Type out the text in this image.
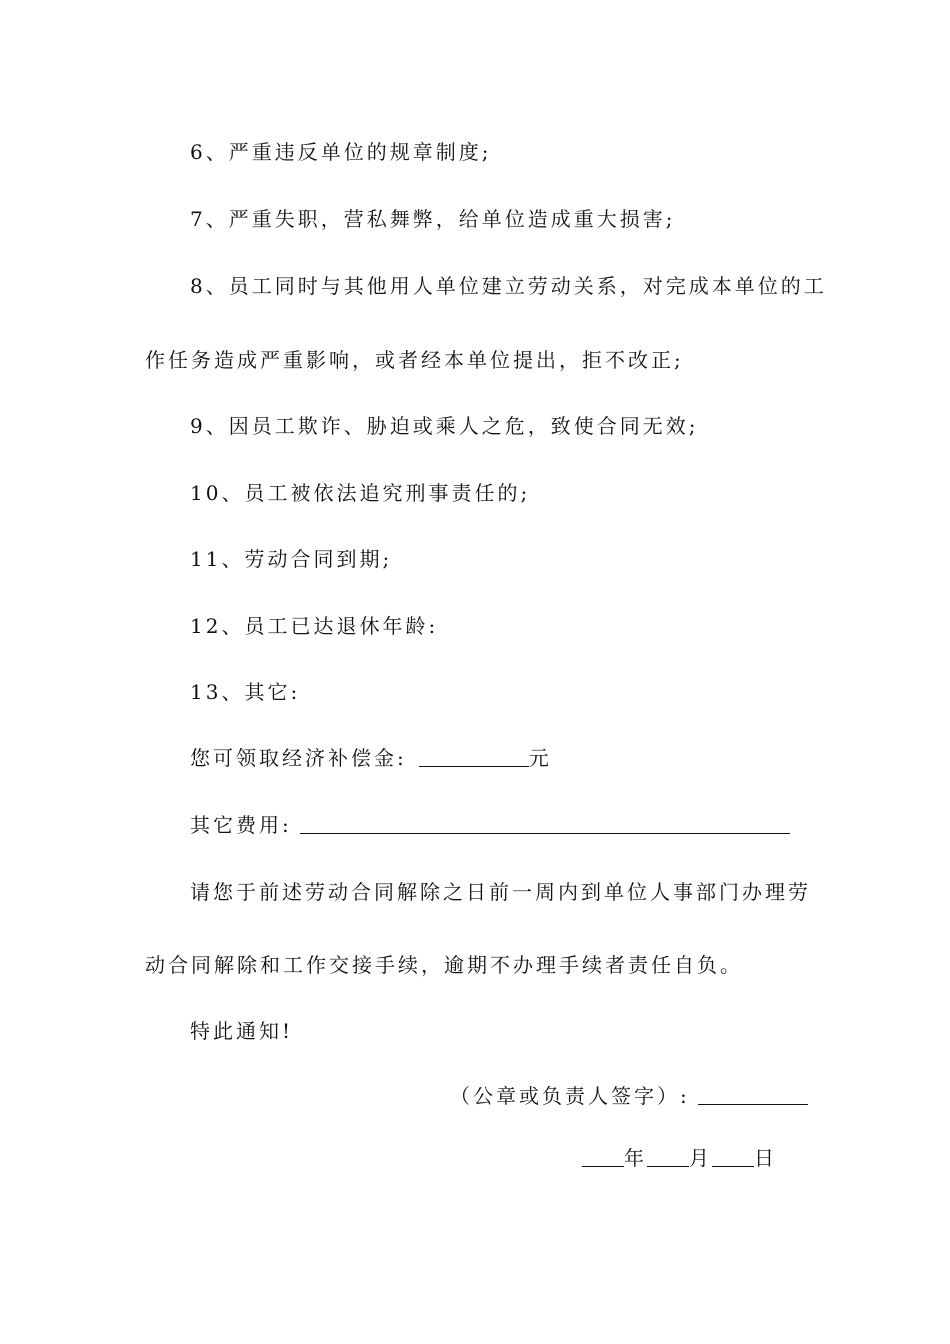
6、严重违反单位的规章制度;
7、严重失职，营私舞弊，给单位造成重大损害;
8、员工同时与其他用人单位建立劳动关系，对完成本单位的工
作任务造成严重影响，或者经本单位提出，拒不改正;
9、因员工欺诈、胁迫或乘人之危，致使合同无效;
10、员工被依法追究刑事责任的;
11、劳动合同到期;
12、员工已达退休年龄:
13、其它:
您可领取经济补偿金:	元
其它费用:
请您于前述劳动合同解除之日前一周内到单位人事部门办理劳
动合同解除和工作交接手续，逾期不办理手续者责任自负。
特此通知!
（公章或负责人签字）:
年 月 日
